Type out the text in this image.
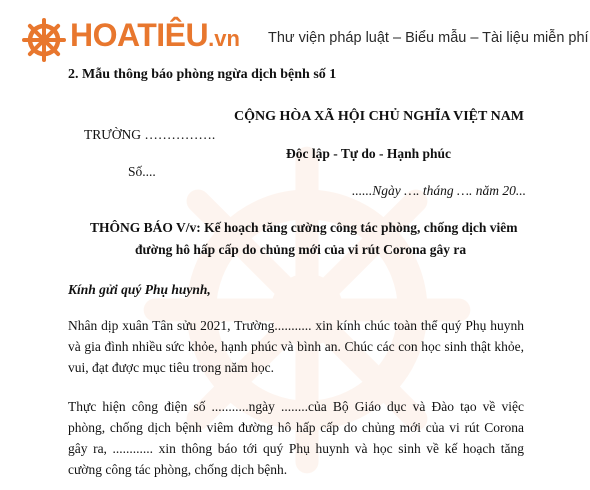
HOATIÊU.vn Thư viện pháp luật – Biểu mẫu – Tài liệu miễn phí
2. Mẫu thông báo phòng ngừa dịch bệnh số 1
CỘNG HÒA XÃ HỘI CHỦ NGHĨA VIỆT NAM
TRƯỜNG …………….
Độc lập - Tự do - Hạnh phúc
Số....
......Ngày …. tháng …. năm 20...
THÔNG BÁO V/v: Kế hoạch tăng cường công tác phòng, chống dịch viêm
đường hô hấp cấp do chủng mới của vi rút Corona gây ra
Kính gửi quý Phụ huynh,
Nhân dịp xuân Tân sửu 2021, Trường........... xin kính chúc toàn thể quý Phụ huynh và gia đình nhiều sức khỏe, hạnh phúc và bình an. Chúc các con học sinh thật khỏe, vui, đạt được mục tiêu trong năm học.
Thực hiện công điện số ...........ngày ........của Bộ Giáo dục và Đào tạo về việc phòng, chống dịch bệnh viêm đường hô hấp cấp do chủng mới của vi rút Corona gây ra, ............ xin thông báo tới quý Phụ huynh và học sinh về kế hoạch tăng cường công tác phòng, chống dịch bệnh.
